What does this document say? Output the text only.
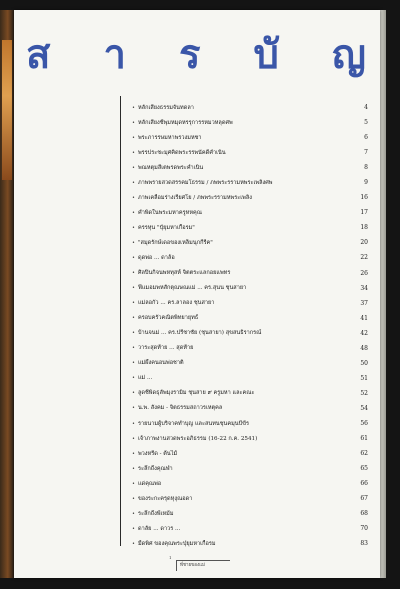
ส า ร บั ญ
• หลักเสียงธรรมจันทดลา	4
• หลักเสียงชีพุมหมุดหรรุการรหมวหลุดศพ	5
• พระภารรษมหาพรวงมหชา	6
• พรรประชะมุศคิดพระรรพนัคดีคำเนิน	7
• พณหตุมสีเตพรดพระคำเนิน	8
• ภาพพรายสวดสรรคมโธรรม / ภพพระรรามหพระเพลิงศพ	9
• ภาพเคลื่อมร่างเรียศโย / ภพพระรรามหพระเพลิง	16
• คำพิดในพระมหาครูหหคุณ	17
• ครรหุน "ปุ๋ยุมหาเกื้อรม"	18
• "สมุดรักษ์เดอของเหล็มนุกกีรีค"	20
• ดุดพ่อ ... ดาล้อ	22
• ศิลปินกิจนพหทุสห์ จิตตระแลกอยแพทร	26
• ฟี่แมอมพหสักตุณษณแม่ ... คร.สุนน ชุนสายา	34
• แม่ลอกัว ... คร.ลาลอง ชุนสายา	37
• ครอบครัวคณิตพิทยายุทธ์	41
• บ้านจนม่ ... คร.ปรีชาชัย (ชุนสายา) สุขสนธิรากรณ์	42
• วาระสุดท้าย ... สุดท้าย	48
• แม่ผึ้งคนอนพ่อชาติ	50
• แม่ ...	51
• ลูดชีพิดธุลัพมุงรามิม ชุนสาย ๙ ครูมหา และคณะ	52
• น.พ. สังคม - จิตธรรมสถาวรเหตุคล	54
• รายนามผู้บริจาคทำบุญ และสนทนชุนคมุนบีข้ร	56
• เจ้าภาพงานสวดพระอภิธรรม (16-22 ก.ค. 2541)	61
• พวงหรีด - ต้นไม้	62
• ระลึกถึงคุณพ่ำ	65
• แด่คุณพ่อ	66
• ของระกะครุดหุงุณอดา	67
• ระลึกถึงพี่เหม้ม	68
• ดาลัย ... ดาวร ...	70
• มืดพิศ ของคุณพระปุ่ยุมหาเกื้อรม	83
1
พี่ชายของแม่
